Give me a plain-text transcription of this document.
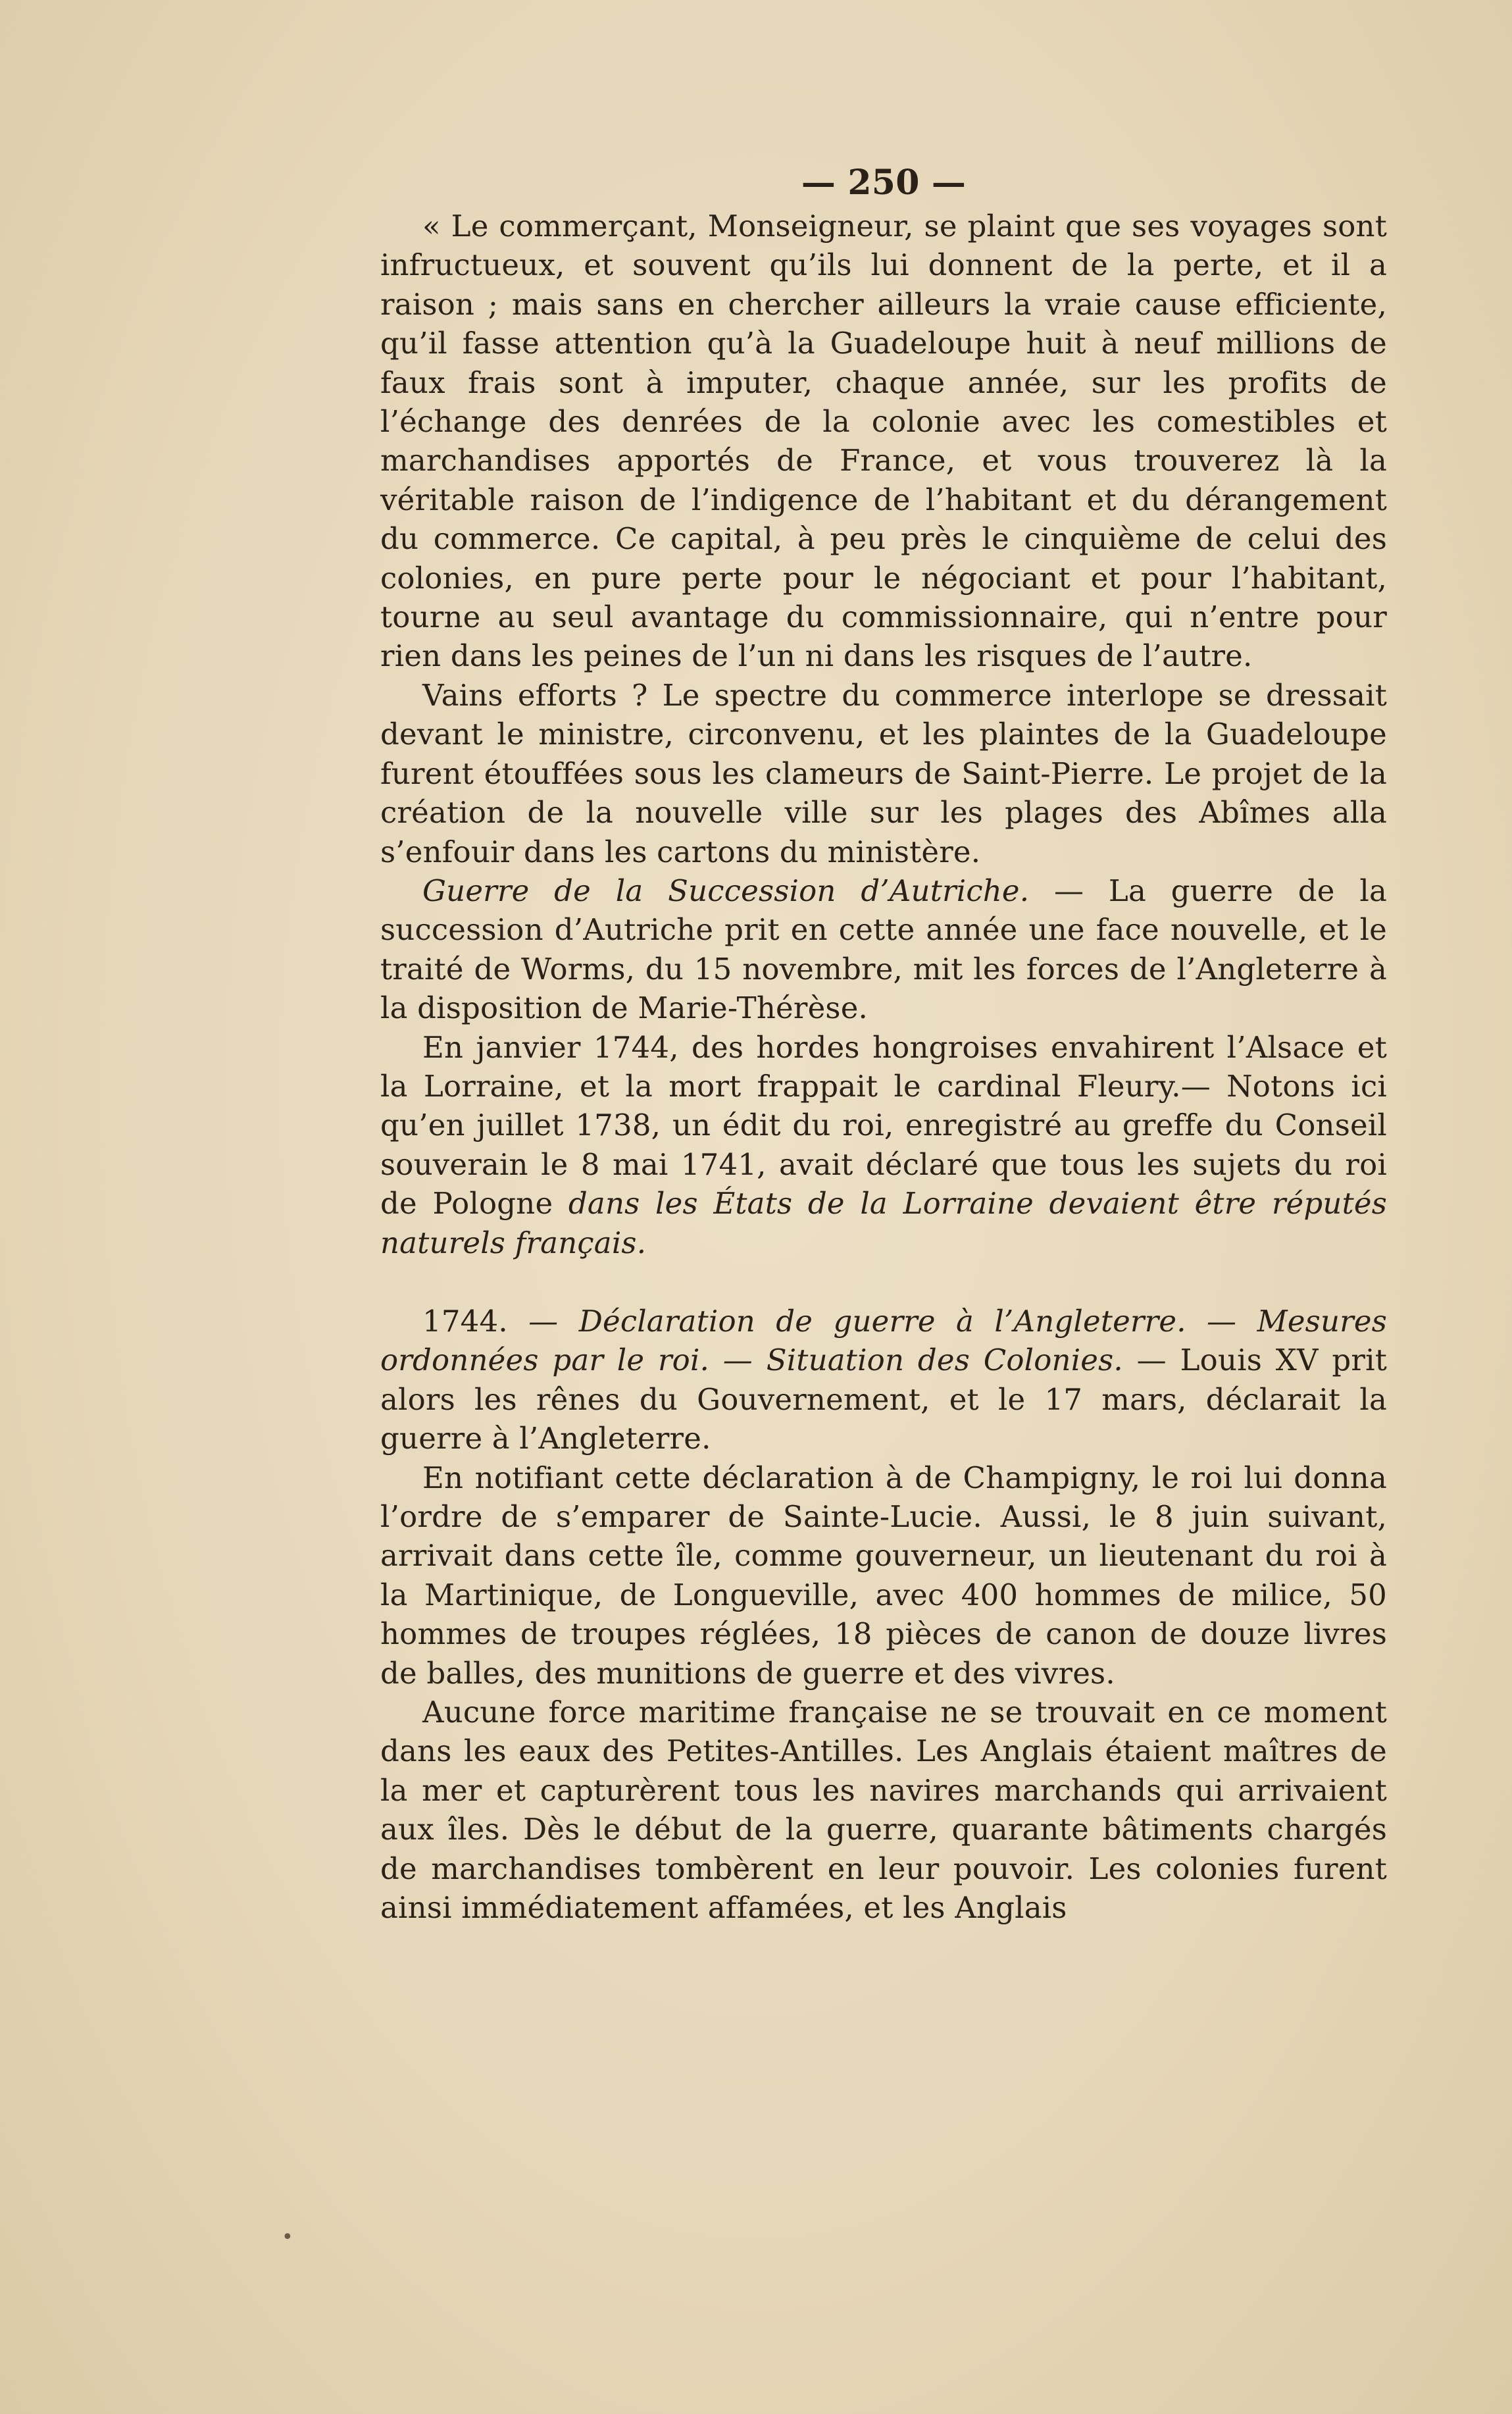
— 250 —

« Le commerçant, Monseigneur, se plaint que ses voyages sont infructueux, et souvent qu’ils lui donnent de la perte, et il a raison ; mais sans en chercher ailleurs la vraie cause efficiente, qu’il fasse attention qu’à la Guadeloupe huit à neuf millions de faux frais sont à imputer, chaque année, sur les profits de l’échange des denrées de la colonie avec les comestibles et marchandises apportés de France, et vous trouverez là la véritable raison de l’indigence de l’habitant et du dérangement du commerce. Ce capital, à peu près le cinquième de celui des colonies, en pure perte pour le négociant et pour l’habitant, tourne au seul avantage du commissionnaire, qui n’entre pour rien dans les peines de l’un ni dans les risques de l’autre.

Vains efforts ? Le spectre du commerce interlope se dressait devant le ministre, circonvenu, et les plaintes de la Guadeloupe furent étouffées sous les clameurs de Saint-Pierre. Le projet de la création de la nouvelle ville sur les plages des Abîmes alla s’enfouir dans les cartons du ministère.

Guerre de la Succession d’Autriche. — La guerre de la succession d’Autriche prit en cette année une face nouvelle, et le traité de Worms, du 15 novembre, mit les forces de l’Angleterre à la disposition de Marie-Thérèse.

En janvier 1744, des hordes hongroises envahirent l’Alsace et la Lorraine, et la mort frappait le cardinal Fleury.— Notons ici qu’en juillet 1738, un édit du roi, enregistré au greffe du Conseil souverain le 8 mai 1741, avait déclaré que tous les sujets du roi de Pologne dans les États de la Lorraine devaient être réputés naturels français.

1744. — Déclaration de guerre à l’Angleterre. — Mesures ordonnées par le roi. — Situation des Colonies. — Louis XV prit alors les rênes du Gouvernement, et le 17 mars, déclarait la guerre à l’Angleterre.

En notifiant cette déclaration à de Champigny, le roi lui donna l’ordre de s’emparer de Sainte-Lucie. Aussi, le 8 juin suivant, arrivait dans cette île, comme gouverneur, un lieutenant du roi à la Martinique, de Longueville, avec 400 hommes de milice, 50 hommes de troupes réglées, 18 pièces de canon de douze livres de balles, des munitions de guerre et des vivres.

Aucune force maritime française ne se trouvait en ce moment dans les eaux des Petites-Antilles. Les Anglais étaient maîtres de la mer et capturèrent tous les navires marchands qui arrivaient aux îles. Dès le début de la guerre, quarante bâtiments chargés de marchandises tombèrent en leur pouvoir. Les colonies furent ainsi immédiatement affamées, et les Anglais

•
